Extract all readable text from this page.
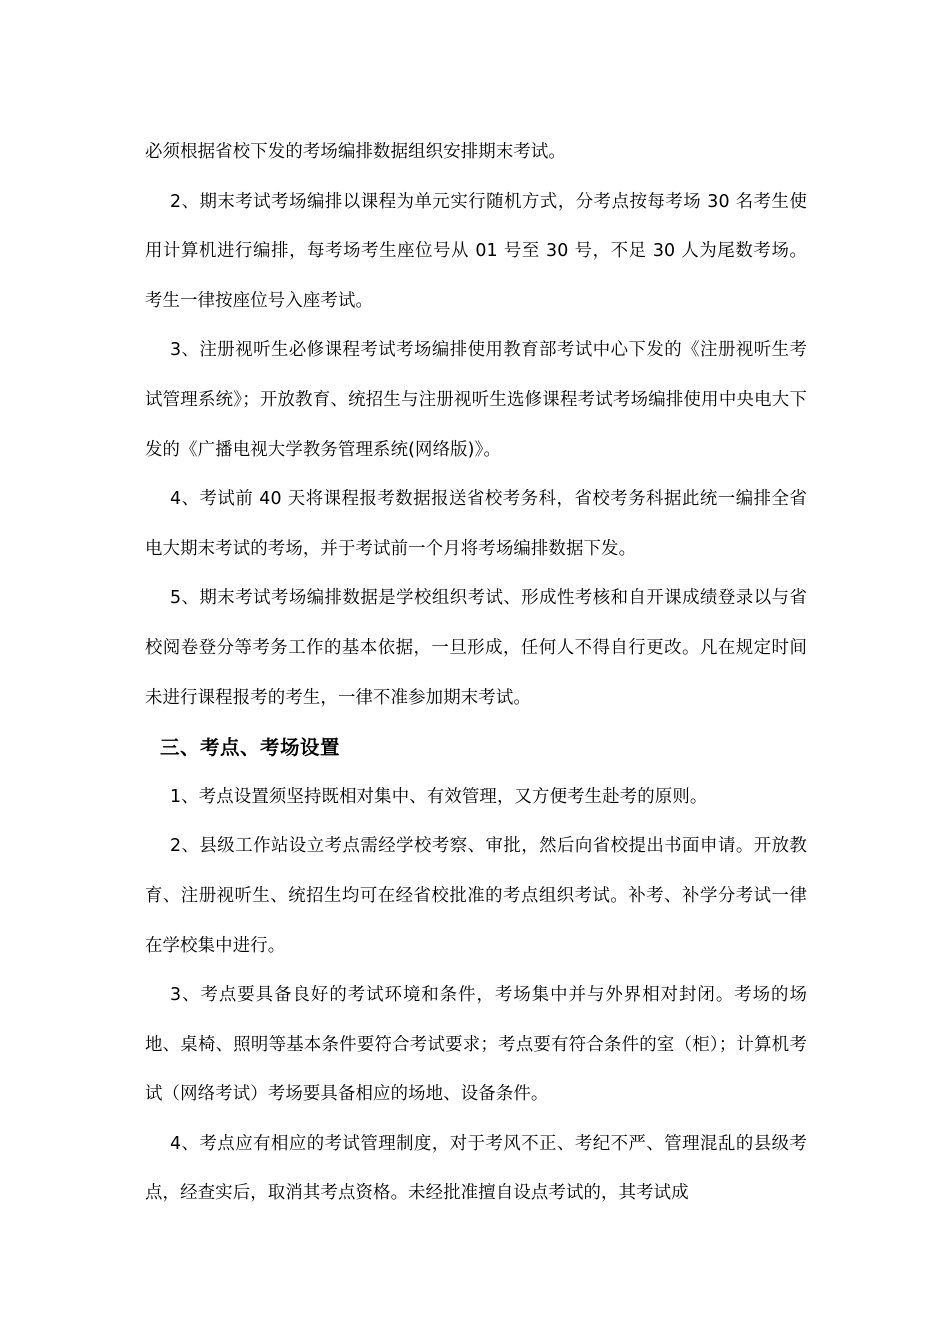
必须根据省校下发的考场编排数据组织安排期末考试。

2、期末考试考场编排以课程为单元实行随机方式，分考点按每考场 30 名考生使用计算机进行编排，每考场考生座位号从 01 号至 30 号，不足 30 人为尾数考场。考生一律按座位号入座考试。

3、注册视听生必修课程考试考场编排使用教育部考试中心下发的《注册视听生考试管理系统》；开放教育、统招生与注册视听生选修课程考试考场编排使用中央电大下发的《广播电视大学教务管理系统(网络版)》。

4、考试前 40 天将课程报考数据报送省校考务科，省校考务科据此统一编排全省电大期末考试的考场，并于考试前一个月将考场编排数据下发。

5、期末考试考场编排数据是学校组织考试、形成性考核和自开课成绩登录以与省校阅卷登分等考务工作的基本依据，一旦形成，任何人不得自行更改。凡在规定时间未进行课程报考的考生，一律不准参加期末考试。

三、考点、考场设置

1、考点设置须坚持既相对集中、有效管理，又方便考生赴考的原则。

2、县级工作站设立考点需经学校考察、审批，然后向省校提出书面申请。开放教育、注册视听生、统招生均可在经省校批准的考点组织考试。补考、补学分考试一律在学校集中进行。

3、考点要具备良好的考试环境和条件，考场集中并与外界相对封闭。考场的场地、桌椅、照明等基本条件要符合考试要求；考点要有符合条件的室（柜）；计算机考试（网络考试）考场要具备相应的场地、设备条件。

4、考点应有相应的考试管理制度，对于考风不正、考纪不严、管理混乱的县级考点，经查实后，取消其考点资格。未经批准擅自设点考试的，其考试成
